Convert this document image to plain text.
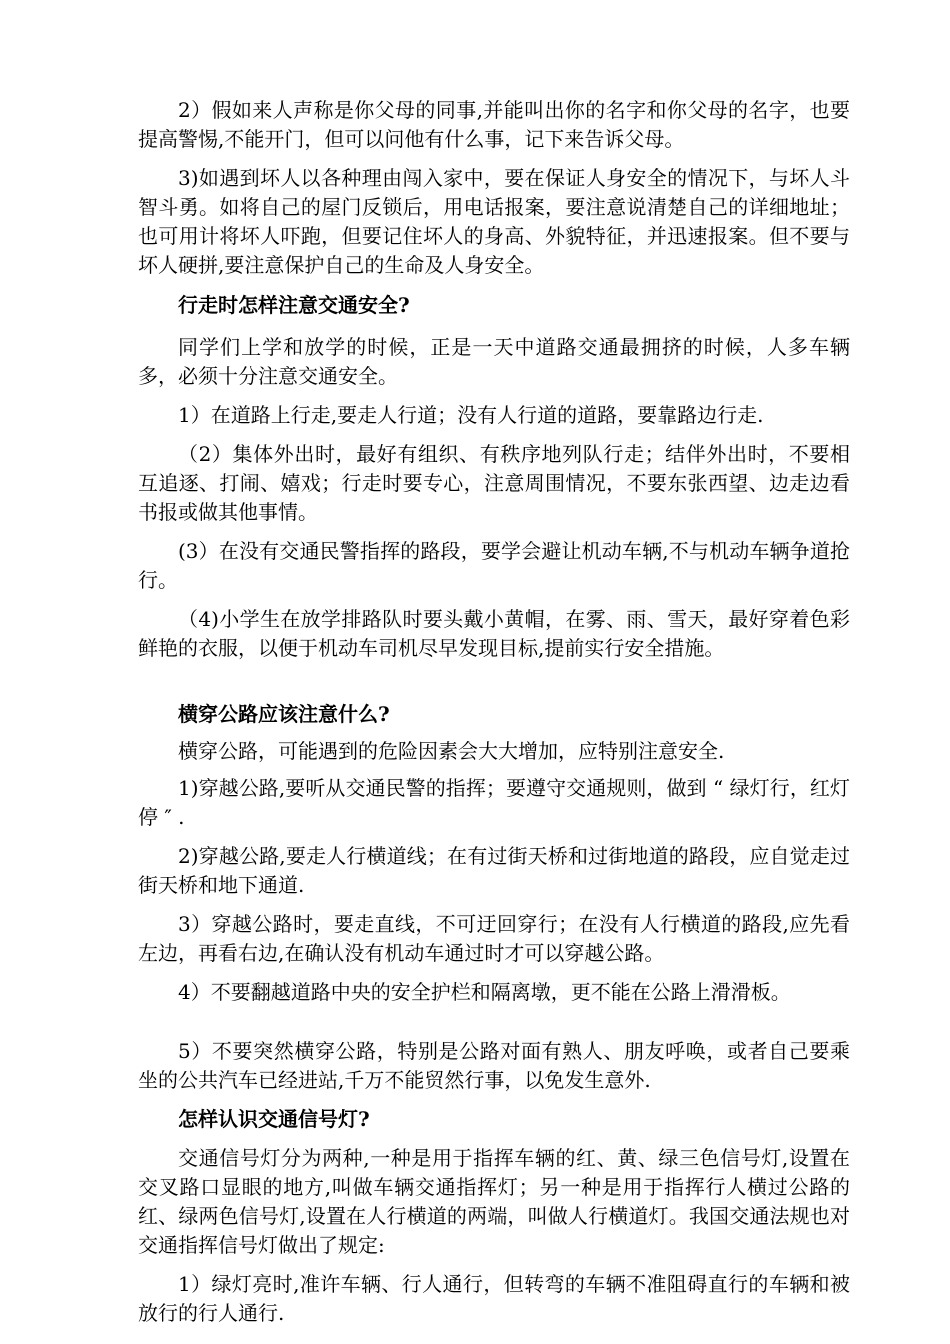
2）假如来人声称是你父母的同事,并能叫出你的名字和你父母的名字，也要提高警惕,不能开门，但可以问他有什么事，记下来告诉父母。

3)如遇到坏人以各种理由闯入家中，要在保证人身安全的情况下，与坏人斗智斗勇。如将自己的屋门反锁后，用电话报案，要注意说清楚自己的详细地址；也可用计将坏人吓跑，但要记住坏人的身高、外貌特征，并迅速报案。但不要与坏人硬拼,要注意保护自己的生命及人身安全。

行走时怎样注意交通安全?

同学们上学和放学的时候，正是一天中道路交通最拥挤的时候，人多车辆多，必须十分注意交通安全。

1）在道路上行走,要走人行道；没有人行道的道路，要靠路边行走.

（2）集体外出时，最好有组织、有秩序地列队行走；结伴外出时，不要相互追逐、打闹、嬉戏；行走时要专心，注意周围情况，不要东张西望、边走边看书报或做其他事情。

(3）在没有交通民警指挥的路段，要学会避让机动车辆,不与机动车辆争道抢行。

（4)小学生在放学排路队时要头戴小黄帽，在雾、雨、雪天，最好穿着色彩鲜艳的衣服，以便于机动车司机尽早发现目标,提前实行安全措施。

横穿公路应该注意什么?

横穿公路，可能遇到的危险因素会大大增加，应特别注意安全.

1)穿越公路,要听从交通民警的指挥；要遵守交通规则，做到 “ 绿灯行，红灯停 ″ .

2)穿越公路,要走人行横道线；在有过街天桥和过街地道的路段，应自觉走过街天桥和地下通道.

3）穿越公路时，要走直线，不可迂回穿行；在没有人行横道的路段,应先看左边，再看右边,在确认没有机动车通过时才可以穿越公路。

4）不要翻越道路中央的安全护栏和隔离墩，更不能在公路上滑滑板。

5）不要突然横穿公路，特别是公路对面有熟人、朋友呼唤，或者自己要乘坐的公共汽车已经进站,千万不能贸然行事，以免发生意外.

怎样认识交通信号灯?

交通信号灯分为两种,一种是用于指挥车辆的红、黄、绿三色信号灯,设置在交叉路口显眼的地方,叫做车辆交通指挥灯；另一种是用于指挥行人横过公路的红、绿两色信号灯,设置在人行横道的两端，叫做人行横道灯。我国交通法规也对交通指挥信号灯做出了规定:

1）绿灯亮时,准许车辆、行人通行，但转弯的车辆不准阻碍直行的车辆和被放行的行人通行.
